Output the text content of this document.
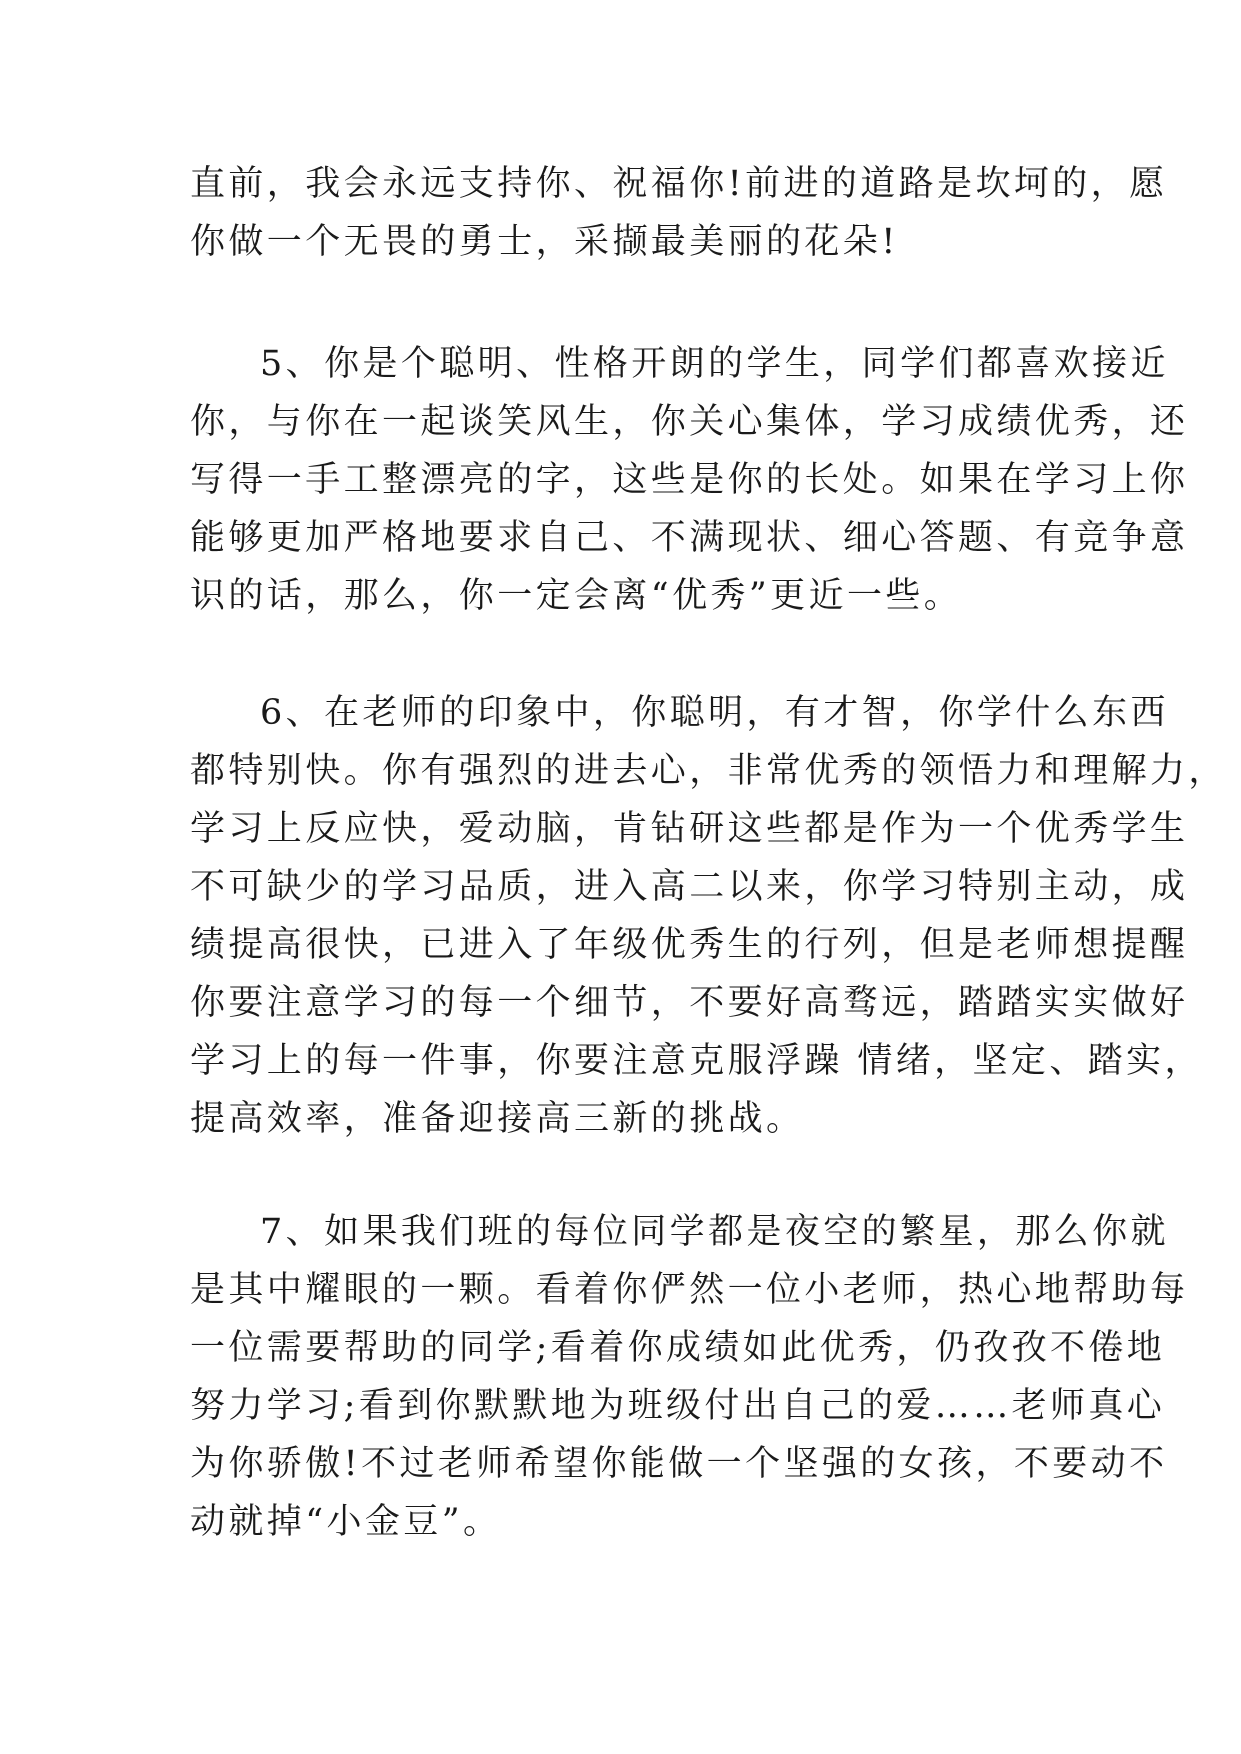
直前，我会永远支持你、祝福你!前进的道路是坎坷的，愿
你做一个无畏的勇士，采撷最美丽的花朵!
5、你是个聪明、性格开朗的学生，同学们都喜欢接近
你，与你在一起谈笑风生，你关心集体，学习成绩优秀，还
写得一手工整漂亮的字，这些是你的长处。如果在学习上你
能够更加严格地要求自己、不满现状、细心答题、有竞争意
识的话，那么，你一定会离“优秀”更近一些。
6、在老师的印象中，你聪明，有才智，你学什么东西
都特别快。你有强烈的进去心，非常优秀的领悟力和理解力，
学习上反应快，爱动脑，肯钻研这些都是作为一个优秀学生
不可缺少的学习品质，进入高二以来，你学习特别主动，成
绩提高很快，已进入了年级优秀生的行列，但是老师想提醒
你要注意学习的每一个细节，不要好高骛远，踏踏实实做好
学习上的每一件事，你要注意克服浮躁 情绪，坚定、踏实，
提高效率，准备迎接高三新的挑战。
7、如果我们班的每位同学都是夜空的繁星，那么你就
是其中耀眼的一颗。看着你俨然一位小老师，热心地帮助每
一位需要帮助的同学;看着你成绩如此优秀，仍孜孜不倦地
努力学习;看到你默默地为班级付出自己的爱……老师真心
为你骄傲!不过老师希望你能做一个坚强的女孩，不要动不
动就掉“小金豆”。
